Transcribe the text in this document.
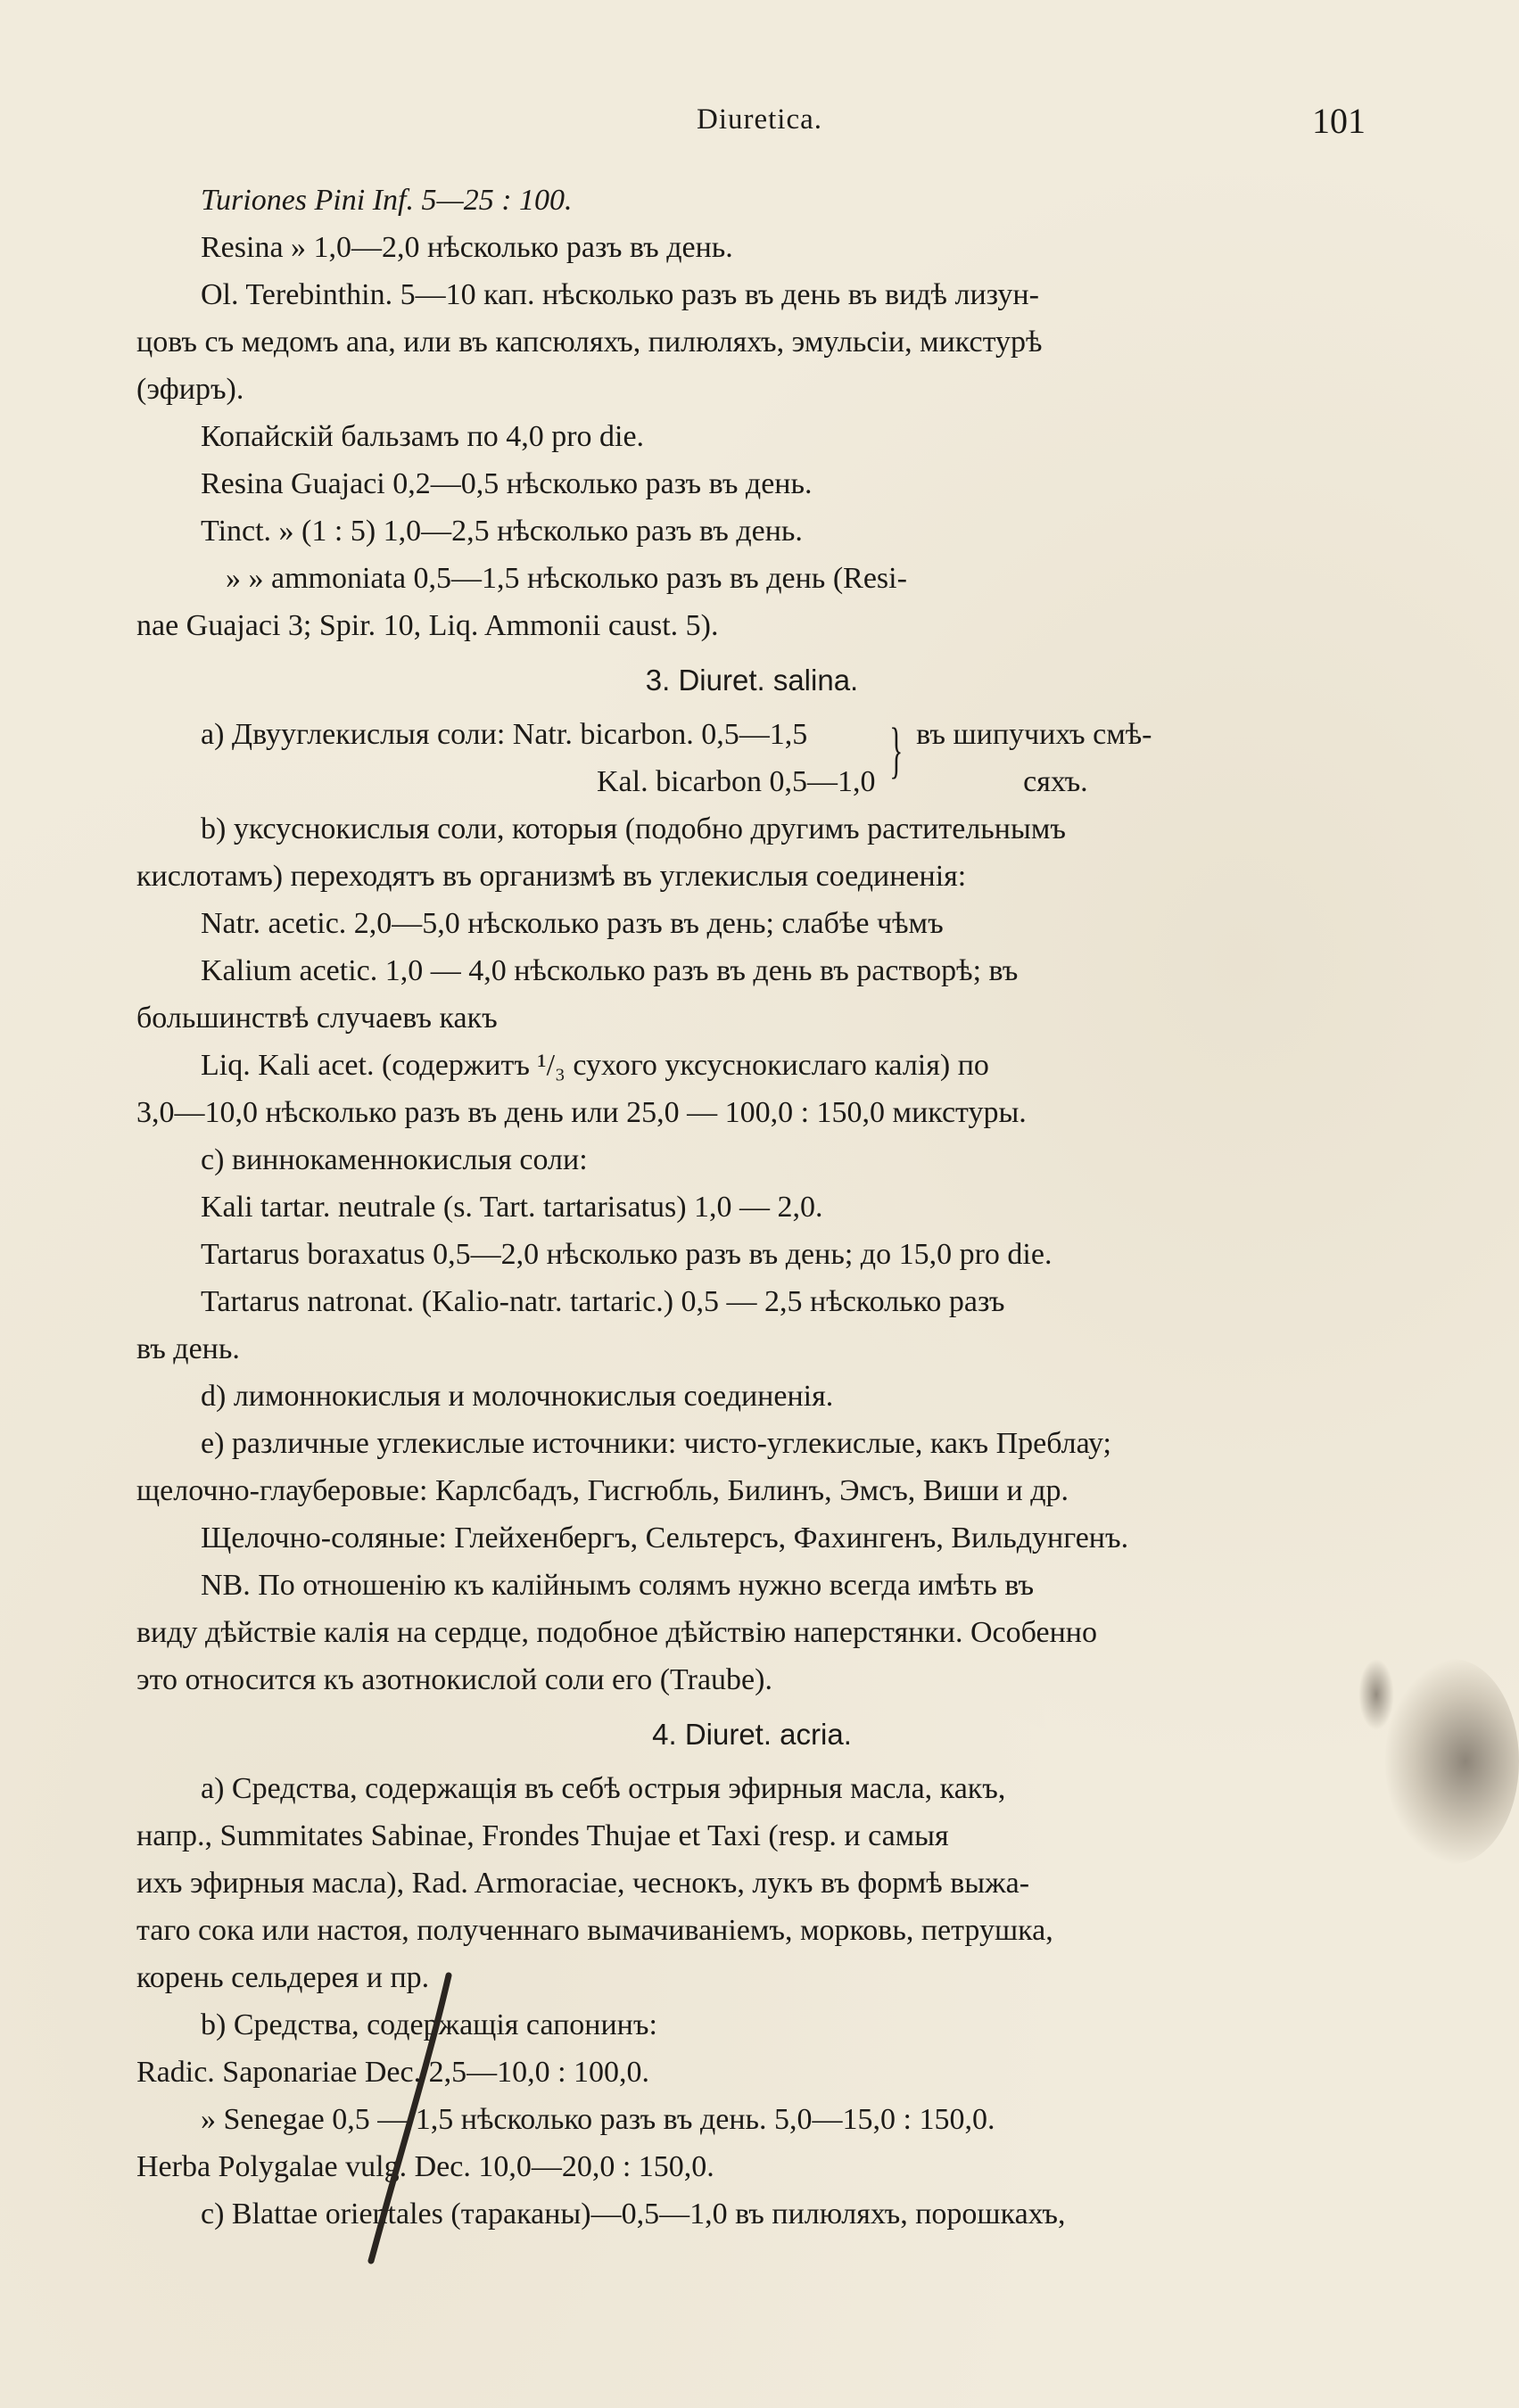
Diuretica.	101

Turiones Pini Inf. 5—25 : 100.

Resina » 1,0—2,0 нѣсколько разъ въ день.

Ol. Terebinthin. 5—10 кап. нѣсколько разъ въ день въ видѣ лизун-

цовъ съ медомъ ana, или въ капсюляхъ, пилюляхъ, эмульсіи, микстурѣ

(эфиръ).

Копайскій бальзамъ по 4,0 pro die.

Resina Guajaci 0,2—0,5 нѣсколько разъ въ день.

Tinct. » (1 : 5) 1,0—2,5 нѣсколько разъ въ день.

» » ammoniata 0,5—1,5 нѣсколько разъ въ день (Resi-

nae Guajaci 3; Spir. 10, Liq. Ammonii caust. 5).

3. Diuret. salina.

a) Двууглекислыя соли: Natr. bicarbon. 0,5—1,5

Kal. bicarbon 0,5—1,0 } въ шипучихъ смѣ-

сяхъ.

b) уксуснокислыя соли, которыя (подобно другимъ растительнымъ

кислотамъ) переходятъ въ организмѣ въ углекислыя соединенія:

Natr. acetic. 2,0—5,0 нѣсколько разъ въ день; слабѣе чѣмъ

Kalium acetic. 1,0 — 4,0 нѣсколько разъ въ день въ растворѣ; въ

большинствѣ случаевъ какъ

Liq. Kali acet. (содержитъ ¹/₃ сухого уксуснокислаго калія) по

3,0—10,0 нѣсколько разъ въ день или 25,0 — 100,0 : 150,0 микстуры.

c) виннокаменнокислыя соли:

Kali tartar. neutrale (s. Tart. tartarisatus) 1,0 — 2,0.

Tartarus boraxatus 0,5—2,0 нѣсколько разъ въ день; до 15,0 pro die.

Tartarus natronat. (Kalio-natr. tartaric.) 0,5 — 2,5 нѣсколько разъ

въ день.

d) лимоннокислыя и молочнокислыя соединенія.

e) различные углекислые источники: чисто-углекислые, какъ Преблау;

щелочно-глауберовые: Карлсбадъ, Гисгюбль, Билинъ, Эмсъ, Виши и др.

Щелочно-соляные: Глейхенбергъ, Сельтерсъ, Фахингенъ, Вильдунгенъ.

NB. По отношенію къ калійнымъ солямъ нужно всегда имѣть въ

виду дѣйствіе калія на сердце, подобное дѣйствію наперстянки. Особенно

это относится къ азотнокислой соли его (Traube).

4. Diuret. acria.

a) Средства, содержащія въ себѣ острыя эфирныя масла, какъ,

напр., Summitates Sabinae, Frondes Thujae et Taxi (resp. и самыя

ихъ эфирныя масла), Rad. Armoraciae, чеснокъ, лукъ въ формѣ выжа-

таго сока или настоя, полученнаго вымачиваніемъ, морковь, петрушка,

корень сельдерея и пр.

b) Средства, содержащія сапонинъ:

Radic. Saponariae Dec. 2,5—10,0 : 100,0.

» Senegae 0,5 — 1,5 нѣсколько разъ въ день. 5,0—15,0 : 150,0.

Herba Polygalae vulg. Dec. 10,0—20,0 : 150,0.

c) Blattae orientales (тараканы)—0,5—1,0 въ пилюляхъ, порошкахъ,
